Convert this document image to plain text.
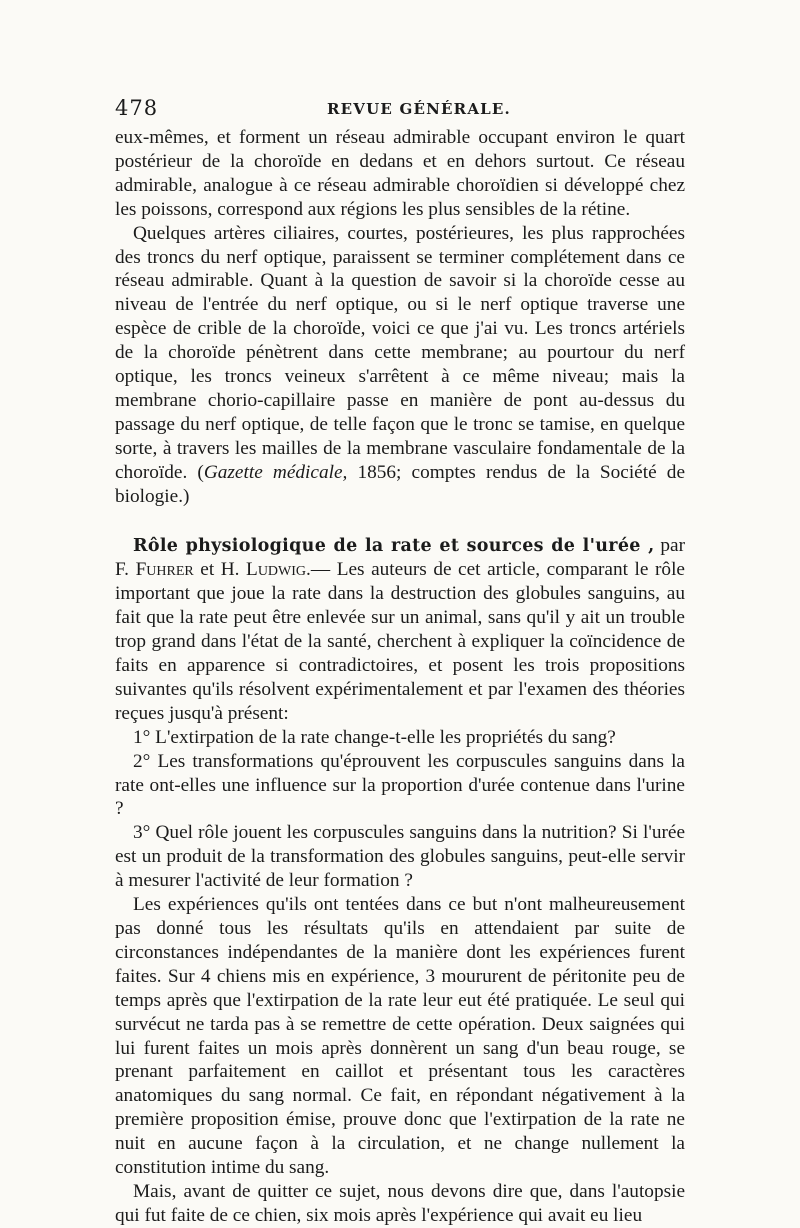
478	REVUE GÉNÉRALE.

eux-mêmes, et forment un réseau admirable occupant environ le quart postérieur de la choroïde en dedans et en dehors surtout. Ce réseau admirable, analogue à ce réseau admirable choroïdien si développé chez les poissons, correspond aux régions les plus sensibles de la rétine.

Quelques artères ciliaires, courtes, postérieures, les plus rapprochées des troncs du nerf optique, paraissent se terminer complétement dans ce réseau admirable. Quant à la question de savoir si la choroïde cesse au niveau de l'entrée du nerf optique, ou si le nerf optique traverse une espèce de crible de la choroïde, voici ce que j'ai vu. Les troncs artériels de la choroïde pénètrent dans cette membrane; au pourtour du nerf optique, les troncs veineux s'arrêtent à ce même niveau; mais la membrane chorio-capillaire passe en manière de pont au-dessus du passage du nerf optique, de telle façon que le tronc se tamise, en quelque sorte, à travers les mailles de la membrane vasculaire fondamentale de la choroïde. (Gazette médicale, 1856; comptes rendus de la Société de biologie.)

Rôle physiologique de la rate et sources de l'urée , par F. Fuhrer et H. Ludwig.— Les auteurs de cet article, comparant le rôle important que joue la rate dans la destruction des globules sanguins, au fait que la rate peut être enlevée sur un animal, sans qu'il y ait un trouble trop grand dans l'état de la santé, cherchent à expliquer la coïncidence de faits en apparence si contradictoires, et posent les trois propositions suivantes qu'ils résolvent expérimentalement et par l'examen des théories reçues jusqu'à présent:

1° L'extirpation de la rate change-t-elle les propriétés du sang?

2° Les transformations qu'éprouvent les corpuscules sanguins dans la rate ont-elles une influence sur la proportion d'urée contenue dans l'urine ?

3° Quel rôle jouent les corpuscules sanguins dans la nutrition? Si l'urée est un produit de la transformation des globules sanguins, peut-elle servir à mesurer l'activité de leur formation ?

Les expériences qu'ils ont tentées dans ce but n'ont malheureusement pas donné tous les résultats qu'ils en attendaient par suite de circonstances indépendantes de la manière dont les expériences furent faites. Sur 4 chiens mis en expérience, 3 moururent de péritonite peu de temps après que l'extirpation de la rate leur eut été pratiquée. Le seul qui survécut ne tarda pas à se remettre de cette opération. Deux saignées qui lui furent faites un mois après donnèrent un sang d'un beau rouge, se prenant parfaitement en caillot et présentant tous les caractères anatomiques du sang normal. Ce fait, en répondant négativement à la première proposition émise, prouve donc que l'extirpation de la rate ne nuit en aucune façon à la circulation, et ne change nullement la constitution intime du sang.

Mais, avant de quitter ce sujet, nous devons dire que, dans l'autopsie qui fut faite de ce chien, six mois après l'expérience qui avait eu lieu
